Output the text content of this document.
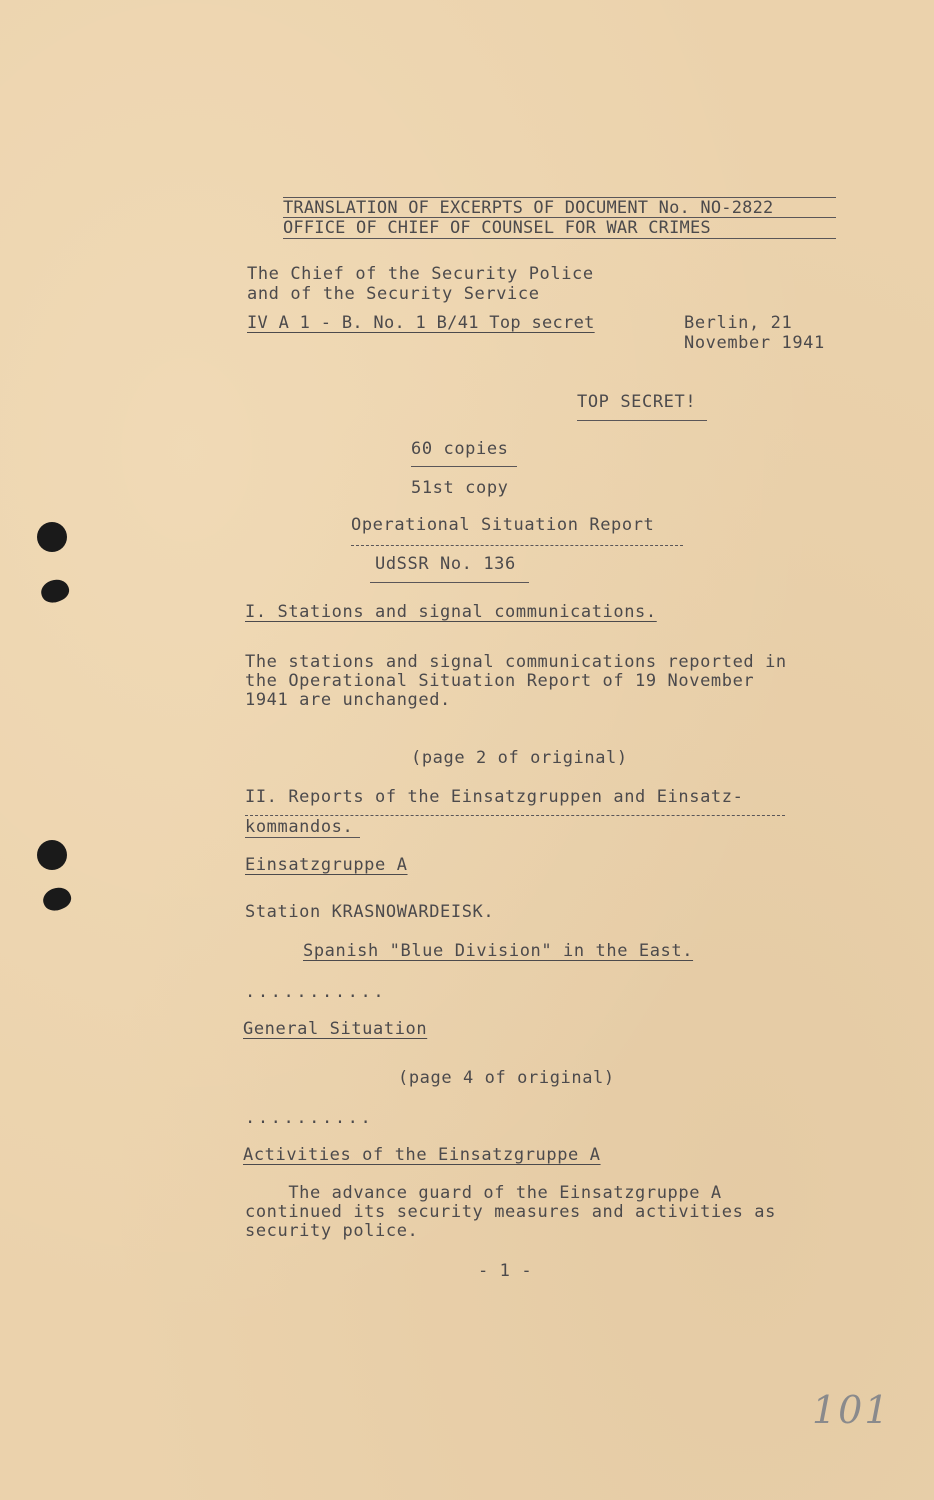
TRANSLATION OF EXCERPTS OF DOCUMENT No. NO-2822
OFFICE OF CHIEF OF COUNSEL FOR WAR CRIMES
The Chief of the Security Police
and of the Security Service
IV A 1 - B. No. 1 B/41 Top secret	Berlin, 21
November 1941
TOP SECRET!
60 copies
51st copy
Operational Situation Report
UdSSR No. 136
I. Stations and signal communications.
The stations and signal communications reported in
the Operational Situation Report of 19 November
1941 are unchanged.
(page 2 of original)
II. Reports of the Einsatzgruppen and Einsatz-
kommandos.
Einsatzgruppe A
Station KRASNOWARDEISK.
Spanish "Blue Division" in the East.
...........
General Situation
(page 4 of original)
..........
Activities of the Einsatzgruppe A
The advance guard of the Einsatzgruppe A
continued its security measures and activities as
security police.
- 1 -
101
